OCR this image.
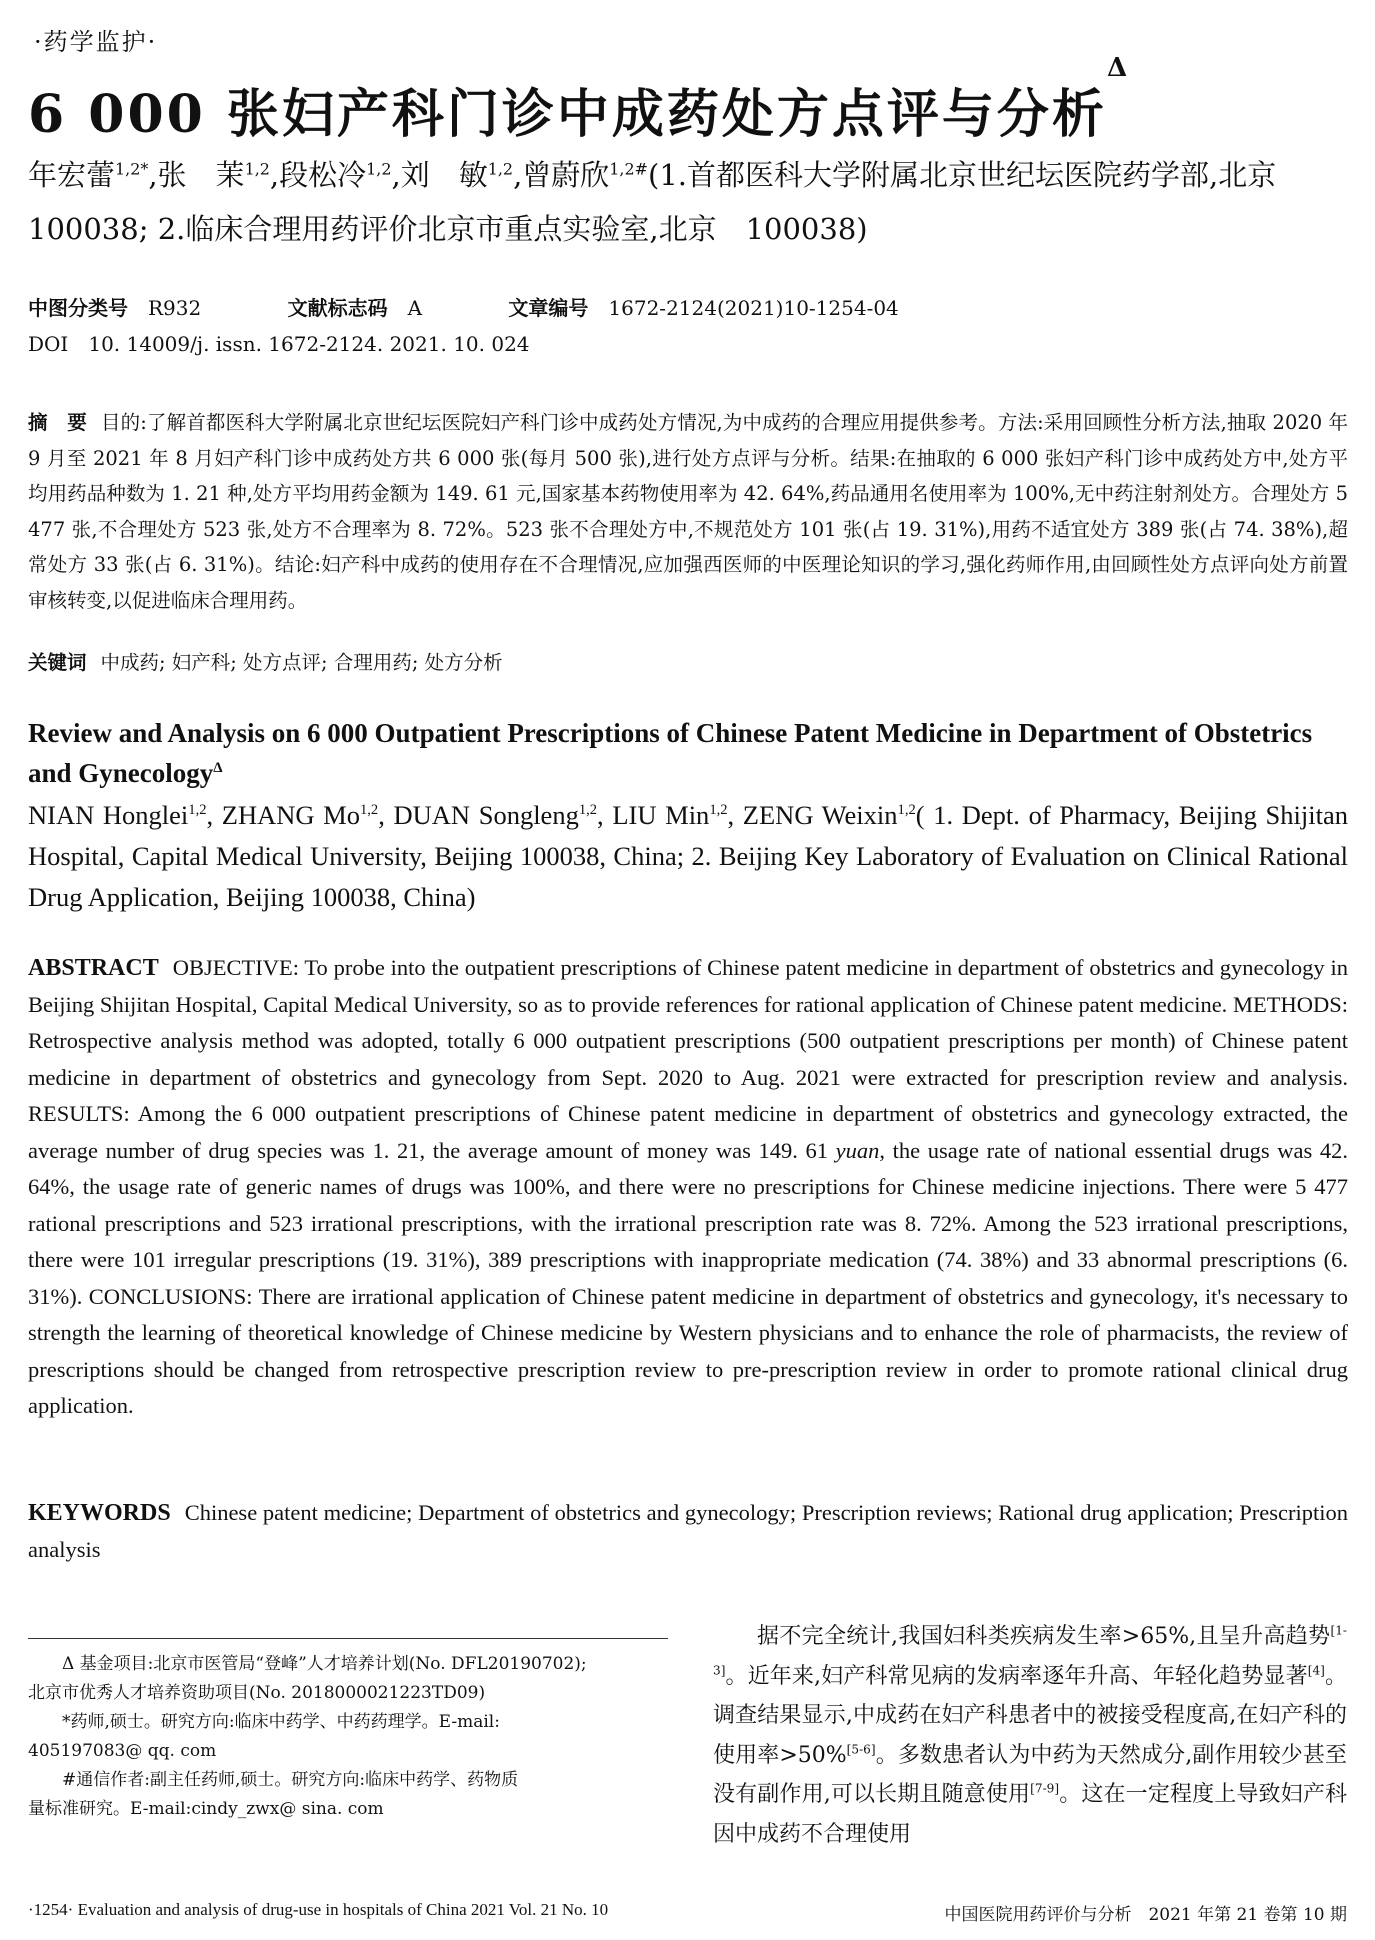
·药学监护·
6 000 张妇产科门诊中成药处方点评与分析$^\Delta$
年宏蕾$^{1,2*}$,张　茉$^{1,2}$,段松冷$^{1,2}$,刘　敏$^{1,2}$,曾蔚欣$^{1,2\#}$(1.首都医科大学附属北京世纪坛医院药学部,北京 100038; 2.临床合理用药评价北京市重点实验室,北京　100038)
中图分类号　 R932	文献标志码　 A	文章编号　 1672-2124(2021)10-1254-04
DOI　 10. 14009/j. issn. 1672-2124. 2021. 10. 024
摘　要 目的:了解首都医科大学附属北京世纪坛医院妇产科门诊中成药处方情况,为中成药的合理应用提供参考。方法:采用回顾性分析方法,抽取 2020 年 9 月至 2021 年 8 月妇产科门诊中成药处方共 6 000 张(每月 500 张),进行处方点评与分析。结果:在抽取的 6 000 张妇产科门诊中成药处方中,处方平均用药品种数为 1. 21 种,处方平均用药金额为 149. 61 元,国家基本药物使用率为 42. 64%,药品通用名使用率为 100%,无中药注射剂处方。合理处方 5 477 张,不合理处方 523 张,处方不合理率为 8. 72%。523 张不合理处方中,不规范处方 101 张(占 19. 31%),用药不适宜处方 389 张(占 74. 38%),超常处方 33 张(占 6. 31%)。结论:妇产科中成药的使用存在不合理情况,应加强西医师的中医理论知识的学习,强化药师作用,由回顾性处方点评向处方前置审核转变,以促进临床合理用药。
关键词 中成药; 妇产科; 处方点评; 合理用药; 处方分析
Review and Analysis on 6 000 Outpatient Prescriptions of Chinese Patent Medicine in Department of Obstetrics and Gynecology$^\Delta$
NIAN Honglei$^{1,2}$, ZHANG Mo$^{1,2}$, DUAN Songleng$^{1,2}$, LIU Min$^{1,2}$, ZENG Weixin$^{1,2}$( 1. Dept. of Pharmacy, Beijing Shijitan Hospital, Capital Medical University, Beijing 100038, China; 2. Beijing Key Laboratory of Evaluation on Clinical Rational Drug Application, Beijing 100038, China)
ABSTRACT OBJECTIVE: To probe into the outpatient prescriptions of Chinese patent medicine in department of obstetrics and gynecology in Beijing Shijitan Hospital, Capital Medical University, so as to provide references for rational application of Chinese patent medicine. METHODS: Retrospective analysis method was adopted, totally 6 000 outpatient prescriptions (500 outpatient prescriptions per month) of Chinese patent medicine in department of obstetrics and gynecology from Sept. 2020 to Aug. 2021 were extracted for prescription review and analysis. RESULTS: Among the 6 000 outpatient prescriptions of Chinese patent medicine in department of obstetrics and gynecology extracted, the average number of drug species was 1. 21, the average amount of money was 149. 61 yuan, the usage rate of national essential drugs was 42. 64%, the usage rate of generic names of drugs was 100%, and there were no prescriptions for Chinese medicine injections. There were 5 477 rational prescriptions and 523 irrational prescriptions, with the irrational prescription rate was 8. 72%. Among the 523 irrational prescriptions, there were 101 irregular prescriptions (19. 31%), 389 prescriptions with inappropriate medication (74. 38%) and 33 abnormal prescriptions (6. 31%). CONCLUSIONS: There are irrational application of Chinese patent medicine in department of obstetrics and gynecology, it's necessary to strength the learning of theoretical knowledge of Chinese medicine by Western physicians and to enhance the role of pharmacists, the review of prescriptions should be changed from retrospective prescription review to pre-prescription review in order to promote rational clinical drug application.
KEYWORDS Chinese patent medicine; Department of obstetrics and gynecology; Prescription reviews; Rational drug application; Prescription analysis

Δ 基金项目:北京市医管局“登峰”人才培养计划(No. DFL20190702);

北京市优秀人才培养资助项目(No. 2018000021223TD09)

*药师,硕士。研究方向:临床中药学、中药药理学。E-mail:

405197083@ qq. com

#通信作者:副主任药师,硕士。研究方向:临床中药学、药物质

量标准研究。E-mail:cindy_zwx@ sina. com

据不完全统计,我国妇科类疾病发生率>65%,且呈升高趋势[1-3]。近年来,妇产科常见病的发病率逐年升高、年轻化趋势显著[4]。调查结果显示,中成药在妇产科患者中的被接受程度高,在妇产科的使用率>50%[5-6]。多数患者认为中药为天然成分,副作用较少甚至没有副作用,可以长期且随意使用[7-9]。这在一定程度上导致妇产科因中成药不合理使用
·1254· Evaluation and analysis of drug-use in hospitals of China 2021 Vol. 21 No. 10	中国医院用药评价与分析　2021 年第 21 卷第 10 期
